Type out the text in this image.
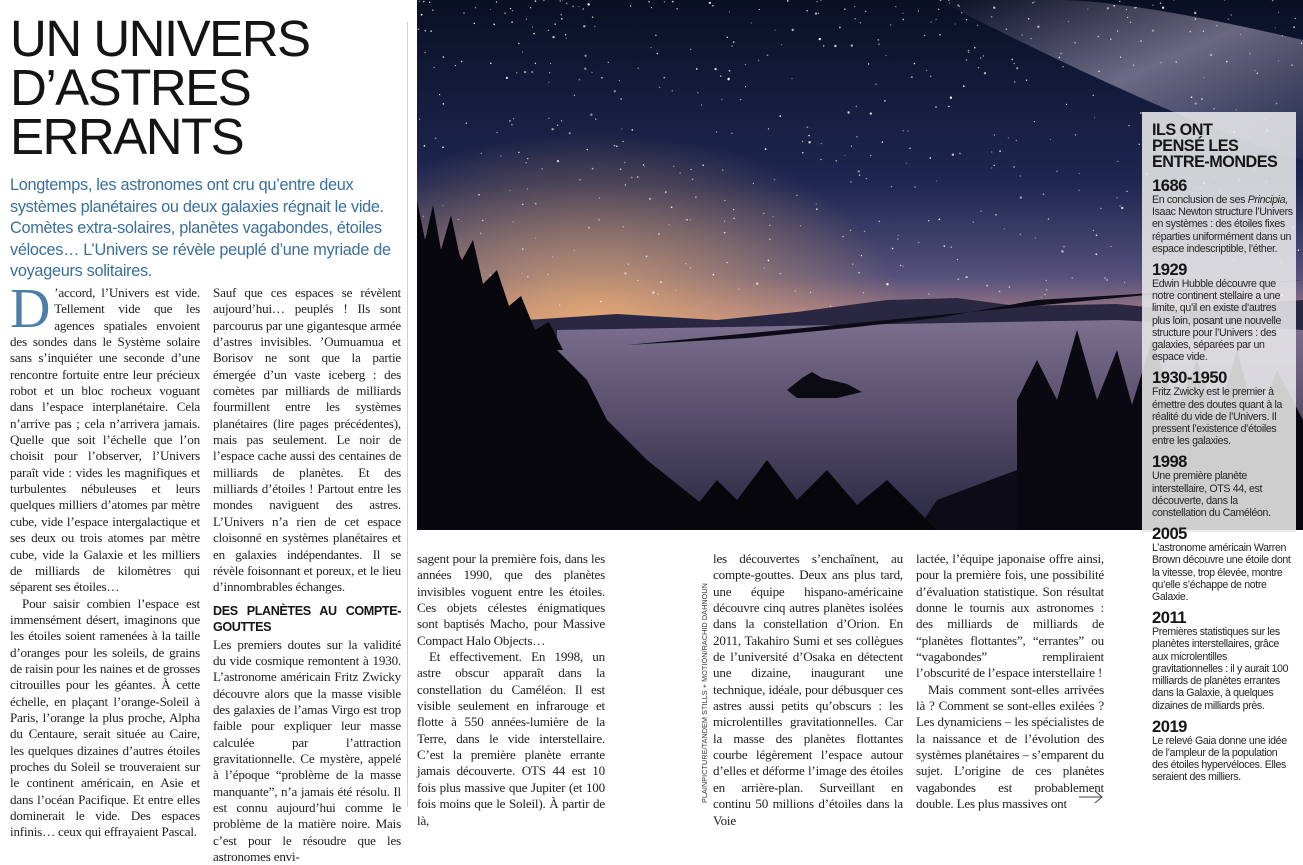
UN UNIVERS
D’ASTRES
ERRANTS

Longtemps, les astronomes ont cru qu’entre deux systèmes planétaires ou deux galaxies régnait le vide. Comètes extra-solaires, planètes vagabondes, étoiles véloces… L’Univers se révèle peuplé d’une myriade de voyageurs solitaires.

D ’accord, l’Univers est vide. Tellement vide que les agences spatiales envoient des sondes dans le Système solaire sans s’inquiéter une seconde d’une rencontre fortuite entre leur précieux robot et un bloc rocheux voguant dans l’espace interplanétaire. Cela n’arrive pas ; cela n’arrivera jamais. Quelle que soit l’échelle que l’on choisit pour l’observer, l’Univers paraît vide : vides les magnifiques et turbulentes nébuleuses et leurs quelques milliers d’atomes par mètre cube, vide l’espace intergalactique et ses deux ou trois atomes par mètre cube, vide la Galaxie et les milliers de milliards de kilomètres qui séparent ses étoiles…

Pour saisir combien l’espace est immensément désert, imaginons que les étoiles soient ramenées à la taille d’oranges pour les soleils, de grains de raisin pour les naines et de grosses citrouilles pour les géantes. À cette échelle, en plaçant l’orange-Soleil à Paris, l’orange la plus proche, Alpha du Centaure, serait située au Caire, les quelques dizaines d’autres étoiles proches du Soleil se trouveraient sur le continent américain, en Asie et dans l’océan Pacifique. Et entre elles dominerait le vide. Des espaces infinis… ceux qui effrayaient Pascal.

Sauf que ces espaces se révèlent aujourd’hui… peuplés ! Ils sont parcourus par une gigantesque armée d’astres invisibles. ’Oumuamua et Borisov ne sont que la partie émergée d’un vaste iceberg : des comètes par milliards de milliards fourmillent entre les systèmes planétaires (lire pages précédentes), mais pas seulement. Le noir de l’espace cache aussi des centaines de milliards de planètes. Et des milliards d’étoiles ! Partout entre les mondes naviguent des astres. L’Univers n’a rien de cet espace cloisonné en systèmes planétaires et en galaxies indépendantes. Il se révèle foisonnant et poreux, et le lieu d’innombrables échanges.

DES PLANÈTES AU COMPTE-GOUTTES

Les premiers doutes sur la validité du vide cosmique remontent à 1930. L’astronome américain Fritz Zwicky découvre alors que la masse visible des galaxies de l’amas Virgo est trop faible pour expliquer leur masse calculée par l’attraction gravitationnelle. Ce mystère, appelé à l’époque “problème de la masse manquante”, n’a jamais été résolu. Il est connu aujourd’hui comme le problème de la matière noire. Mais c’est pour le résoudre que les astronomes envi-

PLAINPICTURE/TANDEM STILLS + MOTION/RACHID DAHNOUN

sagent pour la première fois, dans les années 1990, que des planètes invisibles voguent entre les étoiles. Ces objets célestes énigmatiques sont baptisés Macho, pour Massive Compact Halo Objects…

Et effectivement. En 1998, un astre obscur apparaît dans la constellation du Caméléon. Il est visible seulement en infrarouge et flotte à 550 années-lumière de la Terre, dans le vide interstellaire. C’est la première planète errante jamais découverte. OTS 44 est 10 fois plus massive que Jupiter (et 100 fois moins que le Soleil). À partir de là,

les découvertes s’enchaînent, au compte-gouttes. Deux ans plus tard, une équipe hispano-américaine découvre cinq autres planètes isolées dans la constellation d’Orion. En 2011, Takahiro Sumi et ses collègues de l’université d’Osaka en détectent une dizaine, inaugurant une technique, idéale, pour débusquer ces astres aussi petits qu’obscurs : les microlentilles gravitationnelles. Car la masse des planètes flottantes courbe légèrement l’espace autour d’elles et déforme l’image des étoiles en arrière-plan. Surveillant en continu 50 millions d’étoiles dans la Voie

lactée, l’équipe japonaise offre ainsi, pour la première fois, une possibilité d’évaluation statistique. Son résultat donne le tournis aux astronomes : des milliards de milliards de “planètes flottantes”, “errantes” ou “vagabondes” rempliraient l’obscurité de l’espace interstellaire !

Mais comment sont-elles arrivées là ? Comment se sont-elles exilées ? Les dynamiciens – les spécialistes de la naissance et de l’évolution des systèmes planétaires – s’emparent du sujet. L’origine de ces planètes vagabondes est probablement double. Les plus massives ont

ILS ONT
PENSÉ LES
ENTRE-MONDES
1686
En conclusion de ses Principia, Isaac Newton structure l’Univers en systèmes : des étoiles fixes réparties uniformément dans un espace indescriptible, l’éther.
1929
Edwin Hubble découvre que notre continent stellaire a une limite, qu’il en existe d’autres plus loin, posant une nouvelle structure pour l’Univers : des galaxies, séparées par un espace vide.
1930-1950
Fritz Zwicky est le premier à émettre des doutes quant à la réalité du vide de l’Univers. Il pressent l’existence d’étoiles entre les galaxies.
1998
Une première planète interstellaire, OTS 44, est découverte, dans la constellation du Caméléon.
2005
L’astronome américain Warren Brown découvre une étoile dont la vitesse, trop élevée, montre qu’elle s’échappe de notre Galaxie.
2011
Premières statistiques sur les planètes interstellaires, grâce aux microlentilles gravitationnelles : il y aurait 100 milliards de planètes errantes dans la Galaxie, à quelques dizaines de milliards près.
2019
Le relevé Gaia donne une idée de l’ampleur de la population des étoiles hypervéloces. Elles seraient des milliers.
